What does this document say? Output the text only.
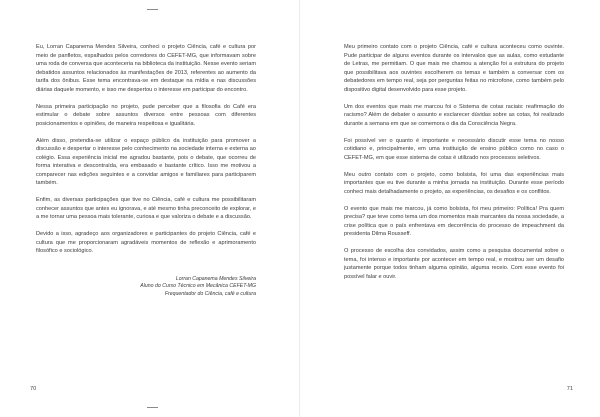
Eu, Lorran Capanema Mendes Silveira, conheci o projeto Ciência, café e cultura por meio de panfletos, espalhados pelos corredores do CEFET-MG, que informavam sobre uma roda de conversa que aconteceria na biblioteca da instituição. Nesse evento seriam debatidos assuntos relacionados às manifestações de 2013, referentes ao aumento da tarifa dos ônibus. Esse tema encontrava-se em destaque na mídia e nas discussões diárias daquele momento, e isso me despertou o interesse em participar do encontro.

Nessa primeira participação no projeto, pude perceber que a filosofia do Café era estimular o debate sobre assuntos diversos entre pessoas com diferentes posicionamentos e opiniões, de maneira respeitosa e igualitária.

Além disso, pretendia-se utilizar o espaço público da instituição para promover a discussão e despertar o interesse pelo conhecimento na sociedade interna e externa ao colégio. Essa experiência inicial me agradou bastante, pois o debate, que ocorreu de forma interativa e descontraída, era embasado e bastante crítico. Isso me motivou a comparecer nas edições seguintes e a convidar amigos e familiares para participarem também.

Enfim, as diversas participações que tive no Ciência, café e cultura me possibilitaram conhecer assuntos que antes eu ignorava, e até mesmo tinha preconceito de explorar, e a me tornar uma pessoa mais tolerante, curiosa e que valoriza o debate e a discussão.

Devido a isso, agradeço aos organizadores e participantes do projeto Ciência, café e cultura que me proporcionaram agradáveis momentos de reflexão e aprimoramento filosófico e sociológico.

Lorran Capanema Mendes Silveira
Aluno do Curso Técnico em Mecânica CEFET-MG
Frequentador do Ciência, café e cultura
70

Meu primeiro contato com o projeto Ciência, café e cultura aconteceu como ouvinte. Pude participar de alguns eventos durante os intervalos que as aulas, como estudante de Letras, me permitiam. O que mais me chamou a atenção foi a estrutura do projeto que possibilitava aos ouvintes escolherem os temas e também a conversar com os debatedores em tempo real, seja por perguntas feitas no microfone, como também pelo dispositivo digital desenvolvido para esse projeto.

Um dos eventos que mais me marcou foi o Sistema de cotas raciais: reafirmação do racismo? Além de debater o assunto e esclarecer dúvidas sobre as cotas, foi realizado durante a semana em que se comemora o dia da Consciência Negra.

Foi possível ver o quanto é importante e necessário discutir esse tema no nosso cotidiano e, principalmente, em uma instituição de ensino público como no caso o CEFET-MG, em que esse sistema de cotas é utilizado nos processos seletivos.

Meu outro contato com o projeto, como bolsista, foi uma das experiências mais importantes que eu tive durante a minha jornada na instituição. Durante esse período conheci mais detalhadamente o projeto, as experiências, os desafios e os conflitos.

O evento que mais me marcou, já como bolsista, foi meu primeiro: Política! Pra quem precisa? que teve como tema um dos momentos mais marcantes da nossa sociedade, a crise política que o país enfrentava em decorrência do processo de impeachment da presidenta Dilma Rousseff.

O processo de escolha dos convidados, assim como a pesquisa documental sobre o tema, foi intenso e importante por acontecer em tempo real, e mostrou ser um desafio justamente porque todos tinham alguma opinião, alguma receio. Com esse evento foi possível falar e ouvir.

71
